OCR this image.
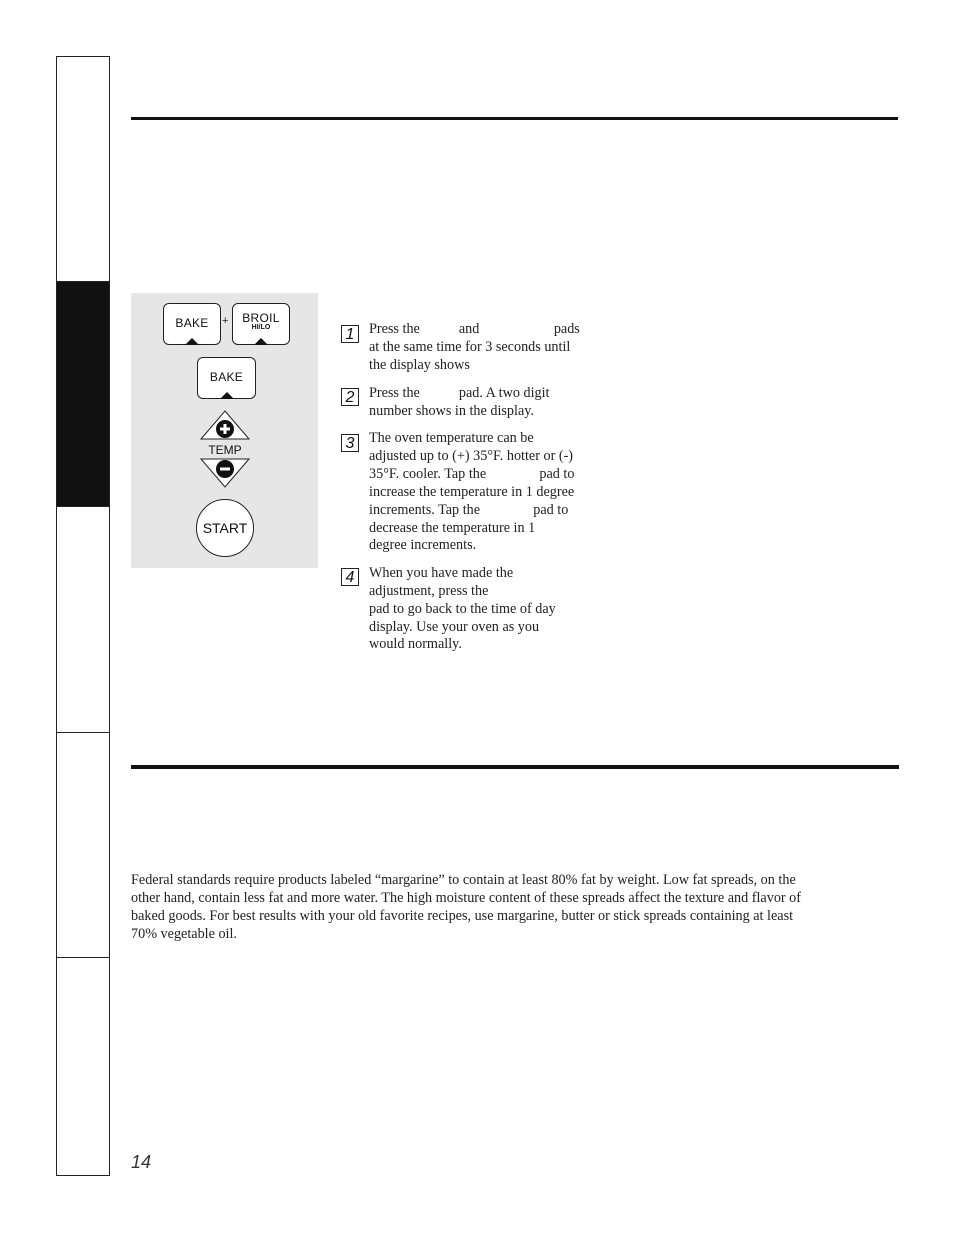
BAKE	+	BROIL
HI/LO
BAKE
TEMP
START
1	Press the           and                     pads
at the same time for 3 seconds until
the display shows
2	Press the           pad. A two digit
number shows in the display.
3	The oven temperature can be
adjusted up to (+) 35°F. hotter or (-)
35°F. cooler. Tap the               pad to
increase the temperature in 1 degree
increments. Tap the               pad to
decrease the temperature in 1
degree increments.
4	When you have made the
adjustment, press the
pad to go back to the time of day
display. Use your oven as you
would normally.
Federal standards require products labeled “margarine” to contain at least 80% fat by weight. Low fat spreads, on the
other hand, contain less fat and more water. The high moisture content of these spreads affect the texture and flavor of
baked goods. For best results with your old favorite recipes, use margarine, butter or stick spreads containing at least
70% vegetable oil.
14
